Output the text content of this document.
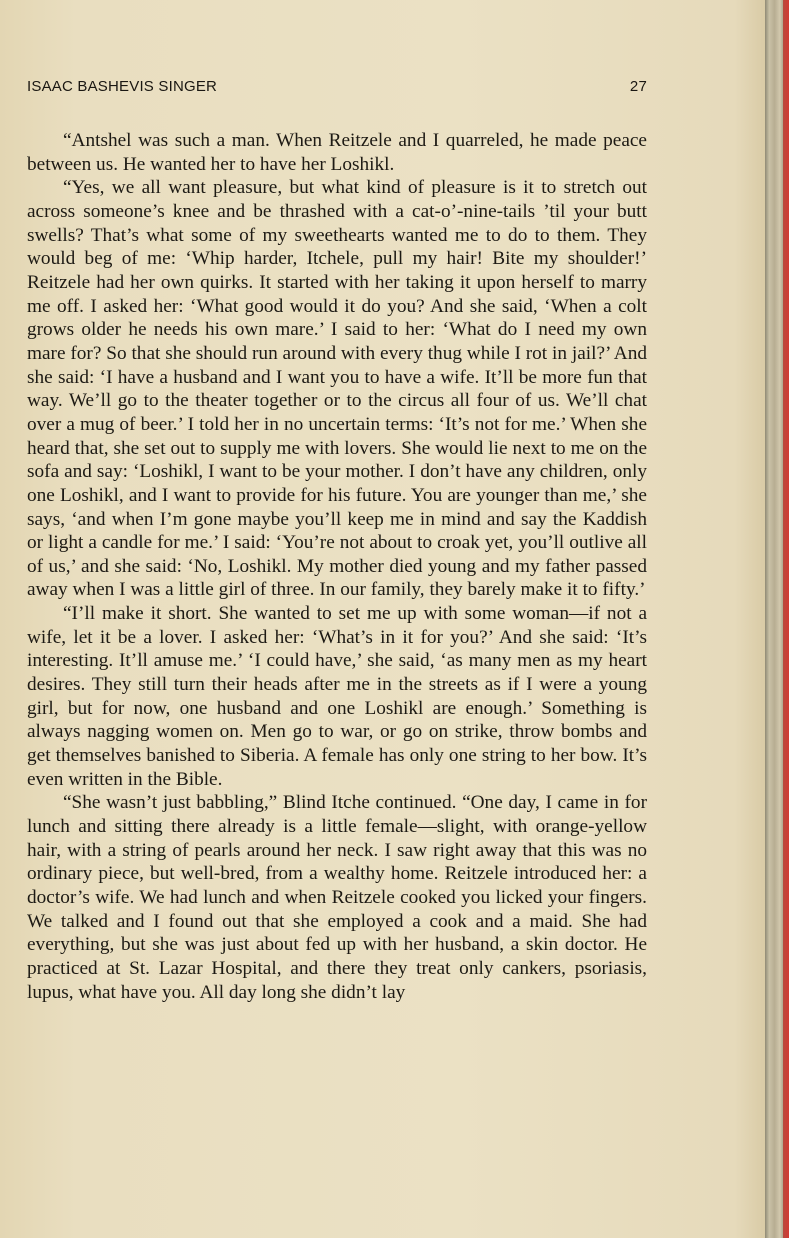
ISAAC BASHEVIS SINGER	27

“Antshel was such a man. When Reitzele and I quarreled, he made peace between us. He wanted her to have her Loshikl.

“Yes, we all want pleasure, but what kind of pleasure is it to stretch out across someone’s knee and be thrashed with a cat-o’-nine-tails ’til your butt swells? That’s what some of my sweethearts wanted me to do to them. They would beg of me: ‘Whip harder, Itchele, pull my hair! Bite my shoulder!’ Reitzele had her own quirks. It started with her taking it upon herself to marry me off. I asked her: ‘What good would it do you? And she said, ‘When a colt grows older he needs his own mare.’ I said to her: ‘What do I need my own mare for? So that she should run around with every thug while I rot in jail?’ And she said: ‘I have a husband and I want you to have a wife. It’ll be more fun that way. We’ll go to the theater together or to the circus all four of us. We’ll chat over a mug of beer.’ I told her in no uncertain terms: ‘It’s not for me.’ When she heard that, she set out to supply me with lovers. She would lie next to me on the sofa and say: ‘Loshikl, I want to be your mother. I don’t have any children, only one Loshikl, and I want to provide for his future. You are younger than me,’ she says, ‘and when I’m gone maybe you’ll keep me in mind and say the Kaddish or light a candle for me.’ I said: ‘You’re not about to croak yet, you’ll outlive all of us,’ and she said: ‘No, Loshikl. My mother died young and my father passed away when I was a little girl of three. In our family, they barely make it to fifty.’

“I’ll make it short. She wanted to set me up with some woman—if not a wife, let it be a lover. I asked her: ‘What’s in it for you?’ And she said: ‘It’s interesting. It’ll amuse me.’ ‘I could have,’ she said, ‘as many men as my heart desires. They still turn their heads after me in the streets as if I were a young girl, but for now, one husband and one Loshikl are enough.’ Something is always nagging women on. Men go to war, or go on strike, throw bombs and get themselves banished to Siberia. A female has only one string to her bow. It’s even written in the Bible.

“She wasn’t just babbling,” Blind Itche continued. “One day, I came in for lunch and sitting there already is a little female—slight, with orange-yellow hair, with a string of pearls around her neck. I saw right away that this was no ordinary piece, but well-bred, from a wealthy home. Reitzele introduced her: a doctor’s wife. We had lunch and when Reitzele cooked you licked your fingers. We talked and I found out that she employed a cook and a maid. She had everything, but she was just about fed up with her husband, a skin doctor. He practiced at St. Lazar Hospital, and there they treat only cankers, psoriasis, lupus, what have you. All day long she didn’t lay
